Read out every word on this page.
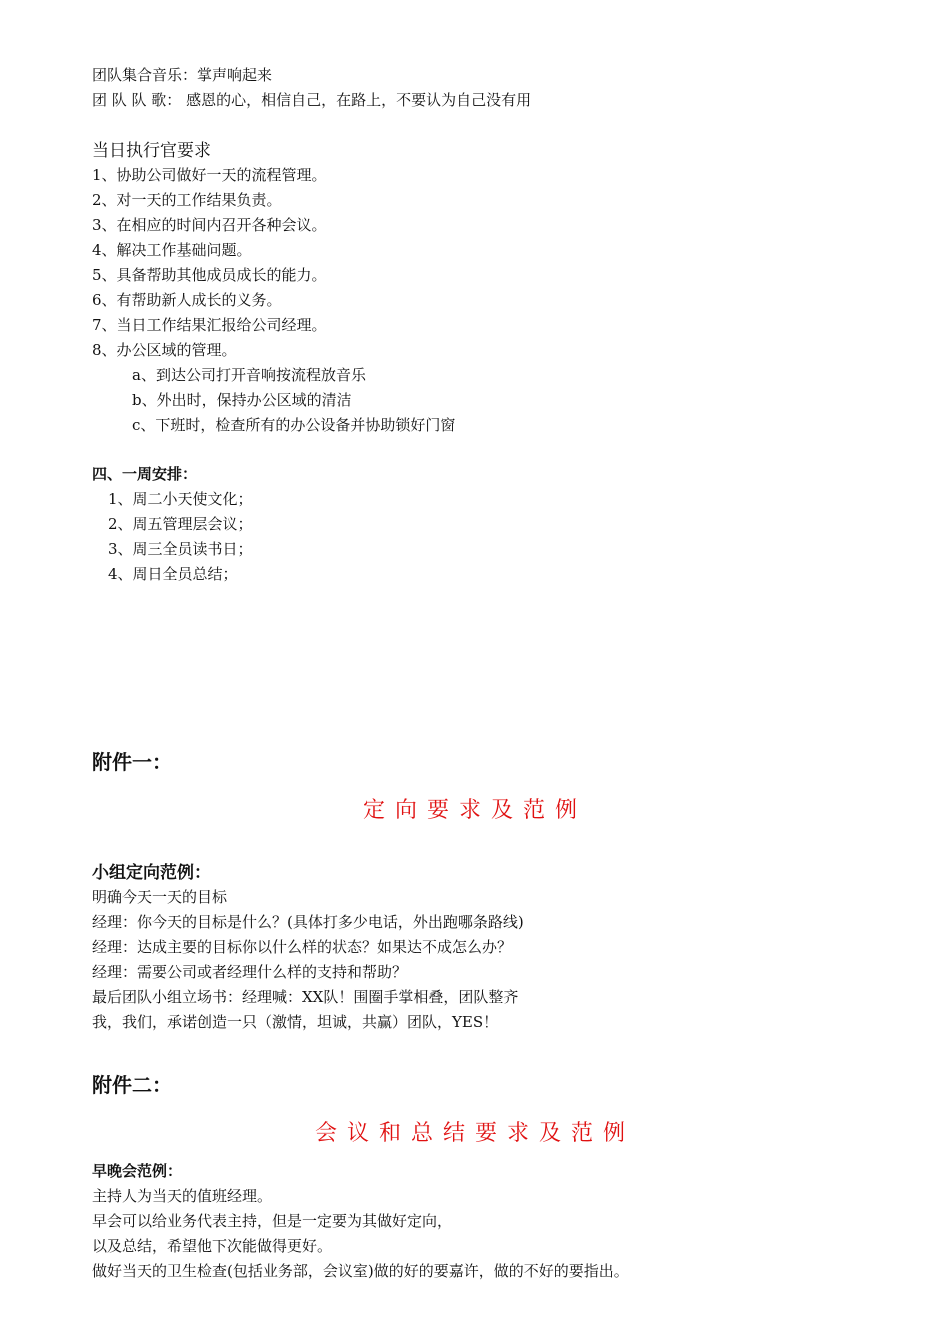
团队集合音乐：掌声响起来
团 队 队 歌： 感恩的心，相信自己，在路上，不要认为自己没有用
当日执行官要求
1、协助公司做好一天的流程管理。
2、对一天的工作结果负责。
3、在相应的时间内召开各种会议。
4、解决工作基础问题。
5、具备帮助其他成员成长的能力。
6、有帮助新人成长的义务。
7、当日工作结果汇报给公司经理。
8、办公区域的管理。
a、到达公司打开音响按流程放音乐
b、外出时，保持办公区域的清洁
c、下班时，检查所有的办公设备并协助锁好门窗
四、一周安排：
1、周二小天使文化；
2、周五管理层会议；
3、周三全员读书日；
4、周日全员总结；
附件一：
定向要求及范例
小组定向范例：
明确今天一天的目标
经理：你今天的目标是什么？(具体打多少电话，外出跑哪条路线)
经理：达成主要的目标你以什么样的状态？如果达不成怎么办？
经理：需要公司或者经理什么样的支持和帮助？
最后团队小组立场书：经理喊：XX队！围圈手掌相叠，团队整齐
我，我们，承诺创造一只（激情，坦诚，共赢）团队，YES！
附件二：
会议和总结要求及范例
早晚会范例：
主持人为当天的值班经理。
早会可以给业务代表主持，但是一定要为其做好定向，
以及总结，希望他下次能做得更好。
做好当天的卫生检查(包括业务部，会议室)做的好的要嘉许，做的不好的要指出。
